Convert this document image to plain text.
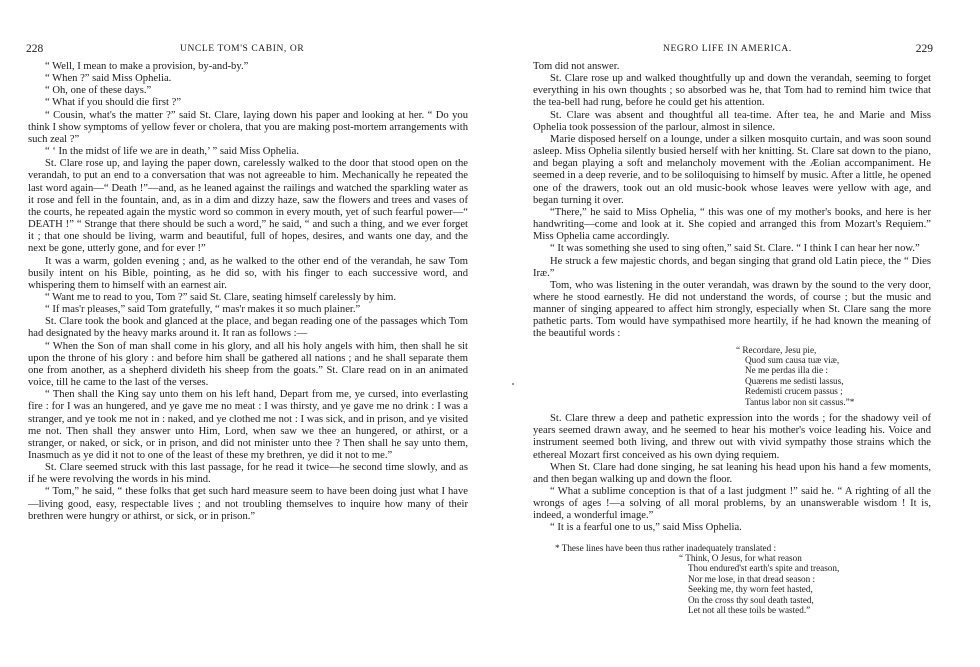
228	UNCLE TOM'S CABIN, OR

“ Well, I mean to make a provision, by-and-by.”

“ When ?” said Miss Ophelia.

“ Oh, one of these days.”

“ What if you should die first ?”

“ Cousin, what's the matter ?” said St. Clare, laying down his paper and looking at her. “ Do you think I show symptoms of yellow fever or cholera, that you are making post-mortem arrangements with such zeal ?”

“ ‘ In the midst of life we are in death,’ ” said Miss Ophelia.

St. Clare rose up, and laying the paper down, carelessly walked to the door that stood open on the verandah, to put an end to a conversation that was not agreeable to him. Mechanically he repeated the last word again—“ Death !”—and, as he leaned against the railings and watched the sparkling water as it rose and fell in the fountain, and, as in a dim and dizzy haze, saw the flowers and trees and vases of the courts, he repeated again the mystic word so common in every mouth, yet of such fearful power—“ DEATH !” “ Strange that there should be such a word,” he said, “ and such a thing, and we ever forget it ; that one should be living, warm and beautiful, full of hopes, desires, and wants one day, and the next be gone, utterly gone, and for ever !”

It was a warm, golden evening ; and, as he walked to the other end of the verandah, he saw Tom busily intent on his Bible, pointing, as he did so, with his finger to each successive word, and whispering them to himself with an earnest air.

“ Want me to read to you, Tom ?” said St. Clare, seating himself carelessly by him.

“ If mas'r pleases,” said Tom gratefully, “ mas'r makes it so much plainer.”

St. Clare took the book and glanced at the place, and began reading one of the passages which Tom had designated by the heavy marks around it. It ran as follows :—

“ When the Son of man shall come in his glory, and all his holy angels with him, then shall he sit upon the throne of his glory : and before him shall be gathered all nations ; and he shall separate them one from another, as a shepherd divideth his sheep from the goats.” St. Clare read on in an animated voice, till he came to the last of the verses.

“ Then shall the King say unto them on his left hand, Depart from me, ye cursed, into everlasting fire : for I was an hungered, and ye gave me no meat : I was thirsty, and ye gave me no drink : I was a stranger, and ye took me not in : naked, and ye clothed me not : I was sick, and in prison, and ye visited me not. Then shall they answer unto Him, Lord, when saw we thee an hungered, or athirst, or a stranger, or naked, or sick, or in prison, and did not minister unto thee ? Then shall he say unto them, Inasmuch as ye did it not to one of the least of these my brethren, ye did it not to me.”

St. Clare seemed struck with this last passage, for he read it twice—he second time slowly, and as if he were revolving the words in his mind.

“ Tom,” he said, “ these folks that get such hard measure seem to have been doing just what I have—living good, easy, respectable lives ; and not troubling themselves to inquire how many of their brethren were hungry or athirst, or sick, or in prison.”

NEGRO LIFE IN AMERICA.	229

Tom did not answer.

St. Clare rose up and walked thoughtfully up and down the verandah, seeming to forget everything in his own thoughts ; so absorbed was he, that Tom had to remind him twice that the tea-bell had rung, before he could get his attention.

St. Clare was absent and thoughtful all tea-time. After tea, he and Marie and Miss Ophelia took possession of the parlour, almost in silence.

Marie disposed herself on a lounge, under a silken mosquito curtain, and was soon sound asleep. Miss Ophelia silently busied herself with her knitting. St. Clare sat down to the piano, and began playing a soft and melancholy movement with the Æolian accompaniment. He seemed in a deep reverie, and to be soliloquising to himself by music. After a little, he opened one of the drawers, took out an old music-book whose leaves were yellow with age, and began turning it over.

“There,” he said to Miss Ophelia, “ this was one of my mother's books, and here is her handwriting—come and look at it. She copied and arranged this from Mozart's Requiem.” Miss Ophelia came accordingly.

“ It was something she used to sing often,” said St. Clare. “ I think I can hear her now.”

He struck a few majestic chords, and began singing that grand old Latin piece, the “ Dies Iræ.”

Tom, who was listening in the outer verandah, was drawn by the sound to the very door, where he stood earnestly. He did not understand the words, of course ; but the music and manner of singing appeared to affect him strongly, especially when St. Clare sang the more pathetic parts. Tom would have sympathised more heartily, if he had known the meaning of the beautiful words :

“ Recordare, Jesu pie,
Quod sum causa tuæ viæ,
Ne me perdas illa die :
Quærens me sedisti lassus,
Redemisti crucem passus ;
Tantus labor non sit cassus.”*

St. Clare threw a deep and pathetic expression into the words ; for the shadowy veil of years seemed drawn away, and he seemed to hear his mother's voice leading his. Voice and instrument seemed both living, and threw out with vivid sympathy those strains which the ethereal Mozart first conceived as his own dying requiem.

When St. Clare had done singing, he sat leaning his head upon his hand a few moments, and then began walking up and down the floor.

“ What a sublime conception is that of a last judgment !” said he. “ A righting of all the wrongs of ages !—a solving of all moral problems, by an unanswerable wisdom ! It is, indeed, a wonderful image.”

“ It is a fearful one to us,” said Miss Ophelia.

* These lines have been thus rather inadequately translated :
“ Think, O Jesus, for what reason
Thou endured'st earth's spite and treason,
Nor me lose, in that dread season :
Seeking me, thy worn feet hasted,
On the cross thy soul death tasted,
Let not all these toils be wasted.”
